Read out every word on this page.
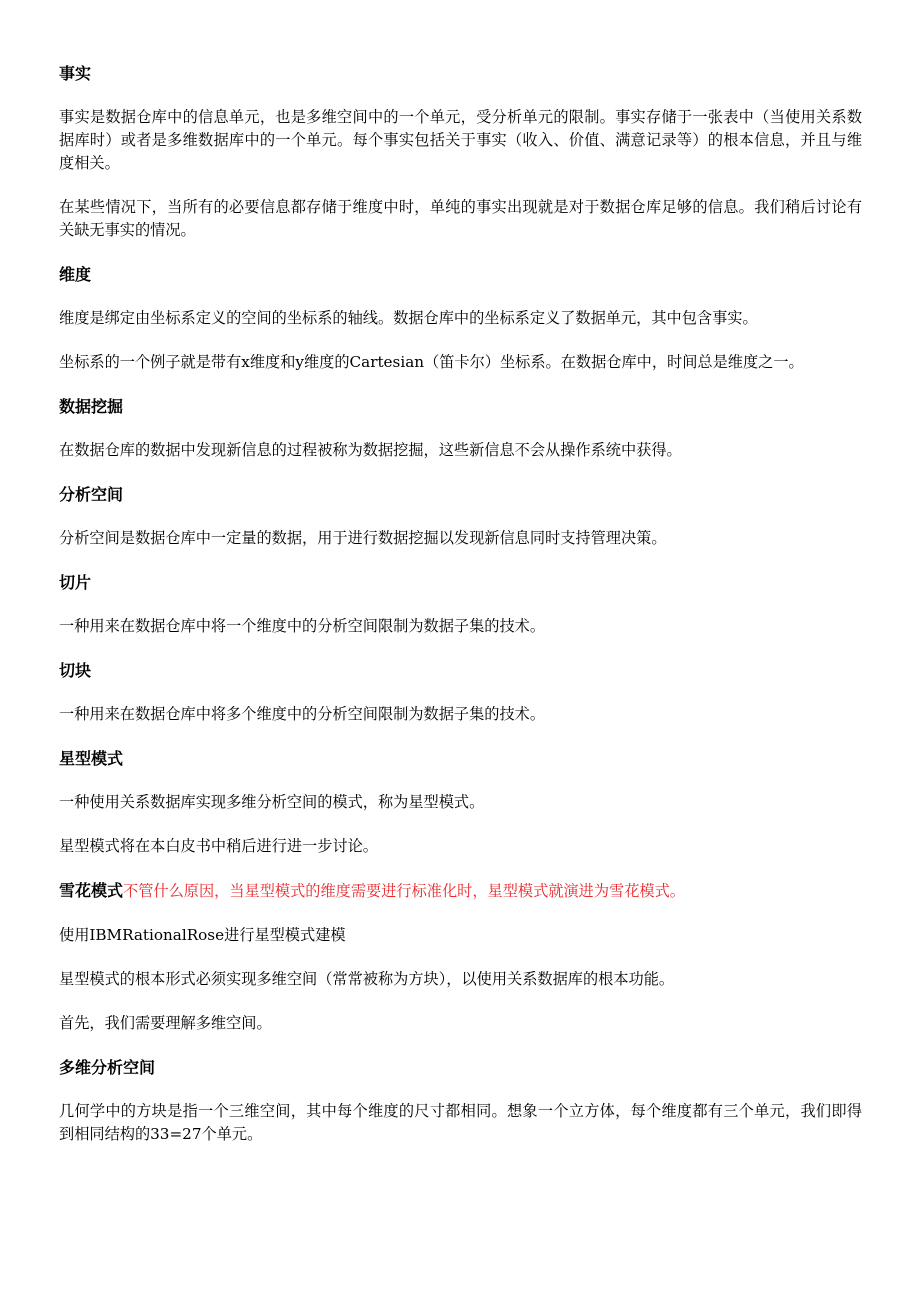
事实

事实是数据仓库中的信息单元，也是多维空间中的一个单元，受分析单元的限制。事实存储于一张表中（当使用关系数据库时）或者是多维数据库中的一个单元。每个事实包括关于事实（收入、价值、满意记录等）的根本信息，并且与维度相关。

在某些情况下，当所有的必要信息都存储于维度中时，单纯的事实出现就是对于数据仓库足够的信息。我们稍后讨论有关缺无事实的情况。

维度

维度是绑定由坐标系定义的空间的坐标系的轴线。数据仓库中的坐标系定义了数据单元，其中包含事实。

坐标系的一个例子就是带有x维度和y维度的Cartesian（笛卡尔）坐标系。在数据仓库中，时间总是维度之一。

数据挖掘

在数据仓库的数据中发现新信息的过程被称为数据挖掘，这些新信息不会从操作系统中获得。

分析空间

分析空间是数据仓库中一定量的数据，用于进行数据挖掘以发现新信息同时支持管理决策。

切片

一种用来在数据仓库中将一个维度中的分析空间限制为数据子集的技术。

切块

一种用来在数据仓库中将多个维度中的分析空间限制为数据子集的技术。

星型模式

一种使用关系数据库实现多维分析空间的模式，称为星型模式。

星型模式将在本白皮书中稍后进行进一步讨论。

雪花模式不管什么原因，当星型模式的维度需要进行标准化时，星型模式就演进为雪花模式。

使用IBMRationalRose进行星型模式建模

星型模式的根本形式必须实现多维空间（常常被称为方块），以使用关系数据库的根本功能。

首先，我们需要理解多维空间。

多维分析空间

几何学中的方块是指一个三维空间，其中每个维度的尺寸都相同。想象一个立方体，每个维度都有三个单元，我们即得到相同结构的33=27个单元。
